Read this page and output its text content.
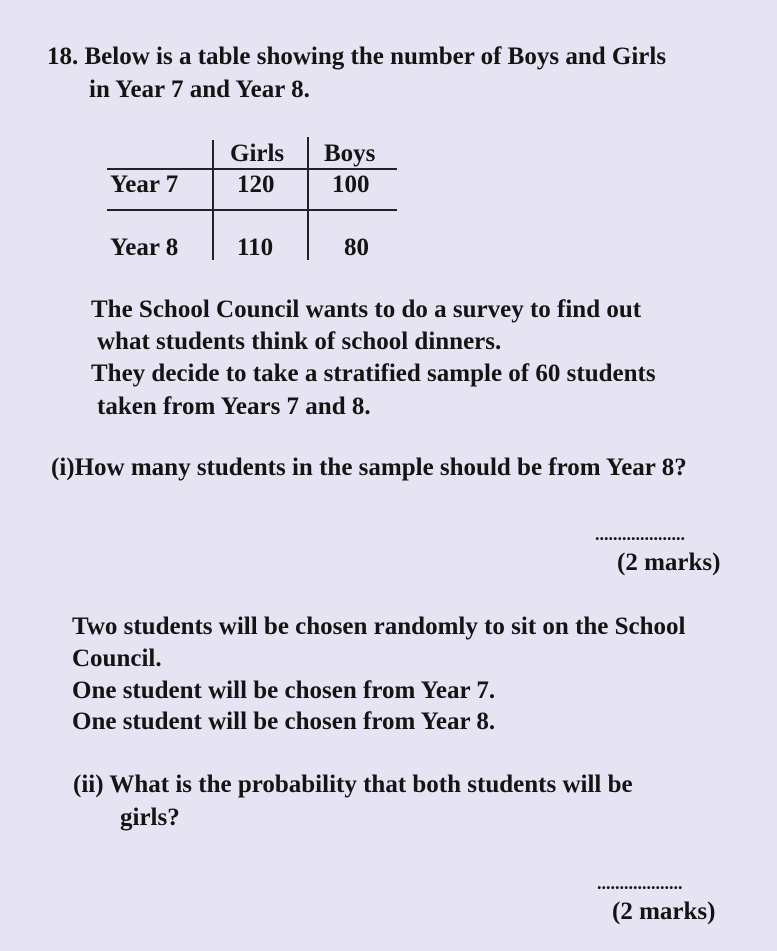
18. Below is a table showing the number of Boys and Girls
in Year 7 and Year 8.
Girls Boys
Year 7 120 100
Year 8 110	80
The School Council wants to do a survey to find out
what students think of school dinners.
They decide to take a stratified sample of 60 students
taken from Years 7 and 8.
(i)How many students in the sample should be from Year 8?
....................
(2 marks)
Two students will be chosen randomly to sit on the School
Council.
One student will be chosen from Year 7.
One student will be chosen from Year 8.
(ii) What is the probability that both students will be
girls?
...................
(2 marks)
